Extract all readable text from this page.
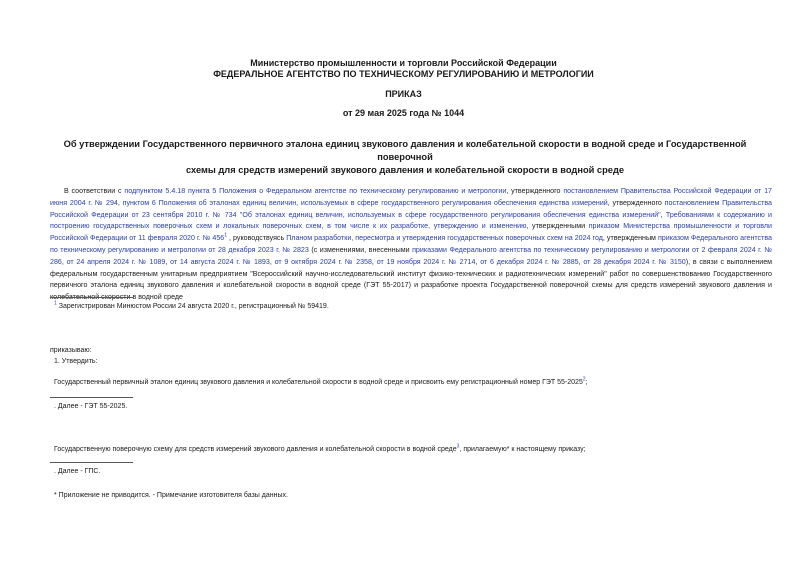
Министерство промышленности и торговли Российской Федерации
ФЕДЕРАЛЬНОЕ АГЕНТСТВО ПО ТЕХНИЧЕСКОМУ РЕГУЛИРОВАНИЮ И МЕТРОЛОГИИ
ПРИКАЗ
от 29 мая 2025 года № 1044
Об утверждении Государственного первичного эталона единиц звукового давления и колебательной скорости в водной среде и Государственной поверочной
схемы для средств измерений звукового давления и колебательной скорости в водной среде
В соответствии с подпунктом 5.4.18 пункта 5 Положения о Федеральном агентстве по техническому регулированию и метрологии, утвержденного постановлением Правительства Российской Федерации от 17 июня 2004 г. № 294, пунктом 6 Положения об эталонах единиц величин, используемых в сфере государственного регулирования обеспечения единства измерений, утвержденного постановлением Правительства Российской Федерации от 23 сентября 2010 г. № 734 "Об эталонах единиц величин, используемых в сфере государственного регулирования обеспечения единства измерений", Требованиями к содержанию и построению государственных поверочных схем и локальных поверочных схем, в том числе к их разработке, утверждению и изменению, утвержденными приказом Министерства промышленности и торговли Российской Федерации от 11 февраля 2020 г. № $456^1$ , руководствуясь Планом разработки, пересмотра и утверждения государственных поверочных схем на 2024 год, утвержденным приказом Федерального агентства по техническому регулированию и метрологии от 28 декабря 2023 г. № 2823 (с изменениями, внесенными приказами Федерального агентства по техническому регулированию и метрологии от 2 февраля 2024 г. № 286, от 24 апреля 2024 г. № 1089, от 14 августа 2024 г. № 1893, от 9 октября 2024 г. № 2358, от 19 ноября 2024 г. № 2714, от 6 декабря 2024 г. № 2885, от 28 декабря 2024 г. № 3150), в связи с выполнением федеральным государственным унитарным предприятием "Всероссийский научно-исследовательский институт физико-технических и радиотехнических измерений" работ по совершенствованию Государственного первичного эталона единиц звукового давления и колебательной скорости в водной среде (ГЭТ 55-2017) и разработке проекта Государственной поверочной схемы для средств измерений звукового давления и колебательной скорости в водной среде
$^1$ Зарегистрирован Минюстом России 24 августа 2020 г., регистрационный № 59419.
приказываю:
1. Утвердить:
Государственный первичный эталон единиц звукового давления и колебательной скорости в водной среде и присвоить ему регистрационный номер ГЭТ 55-2025$^2$;
. Далее - ГЭТ 55-2025.
Государственную поверочную схему для средств измерений звукового давления и колебательной скорости в водной среде$^3$, прилагаемую* к настоящему приказу;
. Далее - ГПС.
* Приложение не приводится. - Примечание изготовителя базы данных.
